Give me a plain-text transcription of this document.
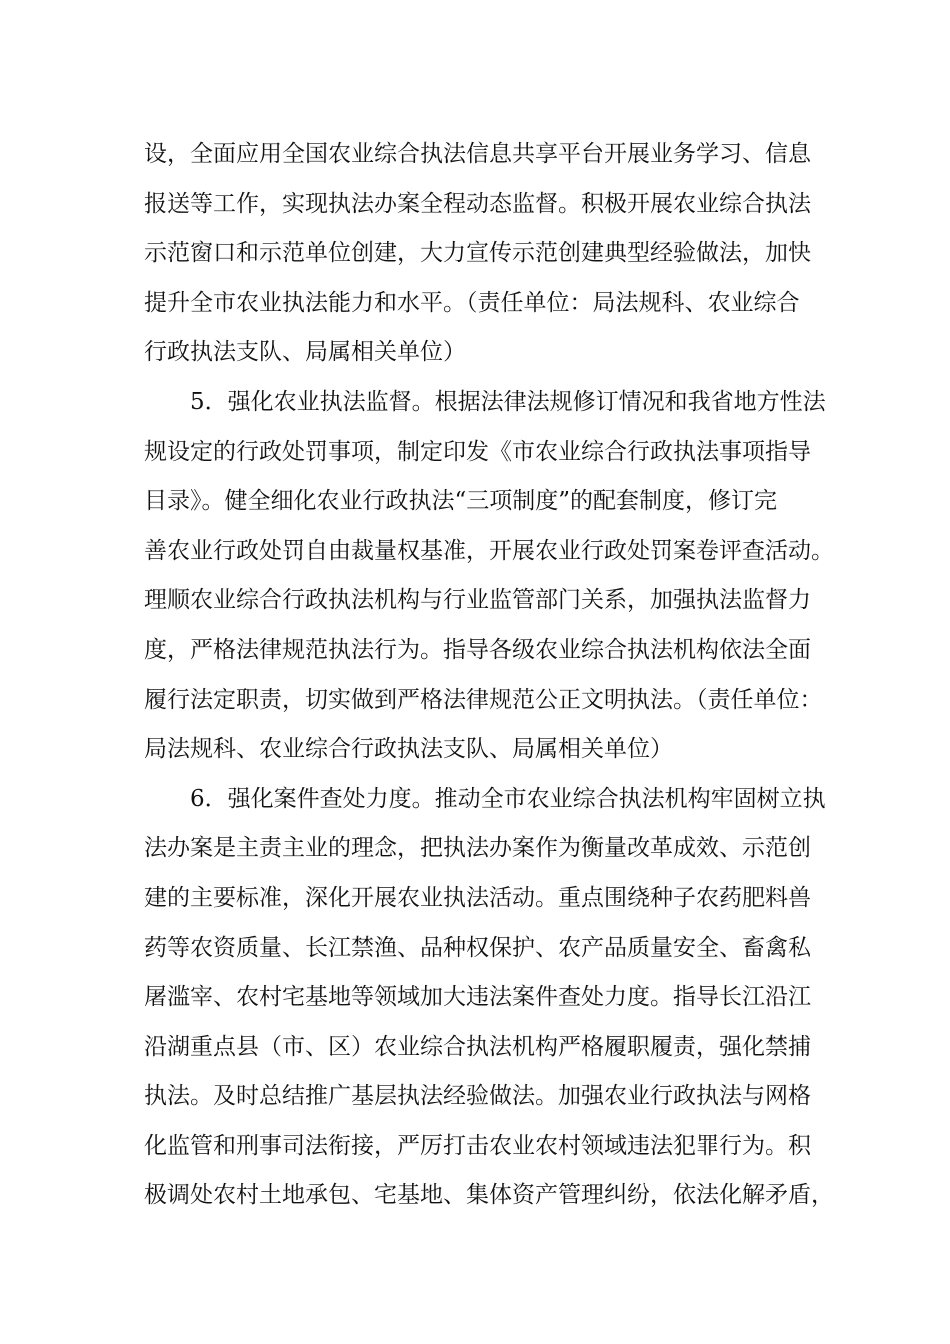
设，全面应用全国农业综合执法信息共享平台开展业务学习、信息
报送等工作，实现执法办案全程动态监督。积极开展农业综合执法
示范窗口和示范单位创建，大力宣传示范创建典型经验做法，加快
提升全市农业执法能力和水平。（责任单位：局法规科、农业综合
行政执法支队、局属相关单位）
5．强化农业执法监督。根据法律法规修订情况和我省地方性法
规设定的行政处罚事项，制定印发《市农业综合行政执法事项指导
目录》。健全细化农业行政执法“三项制度”的配套制度，修订完
善农业行政处罚自由裁量权基准，开展农业行政处罚案卷评查活动。
理顺农业综合行政执法机构与行业监管部门关系，加强执法监督力
度，严格法律规范执法行为。指导各级农业综合执法机构依法全面
履行法定职责，切实做到严格法律规范公正文明执法。（责任单位：
局法规科、农业综合行政执法支队、局属相关单位）
6．强化案件查处力度。推动全市农业综合执法机构牢固树立执
法办案是主责主业的理念，把执法办案作为衡量改革成效、示范创
建的主要标准，深化开展农业执法活动。重点围绕种子农药肥料兽
药等农资质量、长江禁渔、品种权保护、农产品质量安全、畜禽私
屠滥宰、农村宅基地等领域加大违法案件查处力度。指导长江沿江
沿湖重点县（市、区）农业综合执法机构严格履职履责，强化禁捕
执法。及时总结推广基层执法经验做法。加强农业行政执法与网格
化监管和刑事司法衔接，严厉打击农业农村领域违法犯罪行为。积
极调处农村土地承包、宅基地、集体资产管理纠纷，依法化解矛盾，
